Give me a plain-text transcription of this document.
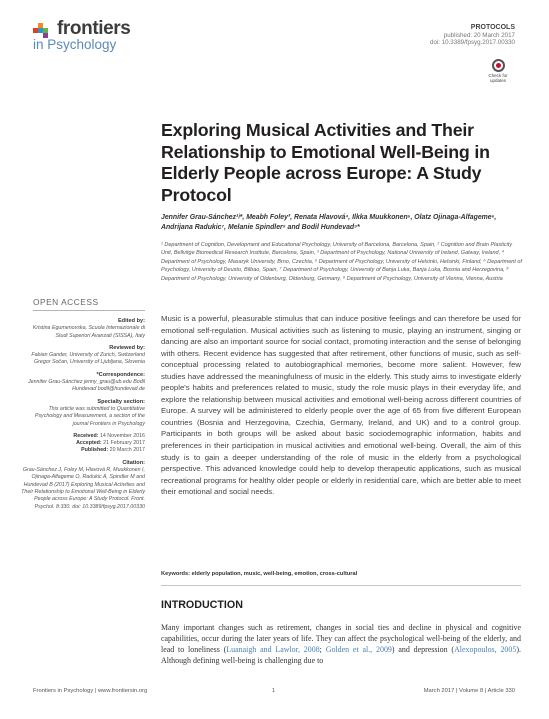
frontiers
in Psychology
PROTOCOLS
published: 20 March 2017
doi: 10.3389/fpsyg.2017.00330
Check for updates
Exploring Musical Activities and Their Relationship to Emotional Well-Being in Elderly People across Europe: A Study Protocol
Jennifer Grau-Sánchez¹ʲ*, Meabh Foley³, Renata Hlavová⁴, Ilkka Muukkonen⁵, Olatz Ojinaga-Alfageme⁶, Andrijana Radukic⁷, Melanie Spindler⁸ and Bodil Hundevad⁹*
¹ Department of Cognition, Development and Educational Psychology, University of Barcelona, Barcelona, Spain, ² Cognition and Brain Plasticity Unit, Bellvitge Biomedical Research Institute, Barcelona, Spain, ³ Department of Psychology, National University of Ireland, Galway, Ireland, ⁴ Department of Psychology, Masaryk University, Brno, Czechia, ⁵ Department of Psychology, University of Helsinki, Helsinki, Finland, ⁶ Department of Psychology, University of Deusto, Bilbao, Spain, ⁷ Department of Psychology, University of Banja Luka, Banja Luka, Bosnia and Herzegovina, ⁸ Department of Psychology, University of Oldenburg, Oldenburg, Germany, ⁹ Department of Psychology, University of Vienna, Vienna, Austria
OPEN ACCESS
Edited by:
Kristina Egumenovska, Scuola Internazionale di Studi Superiori Avanzati (SISSA), Italy
Reviewed by:
Fabian Gander, University of Zurich, Switzerland
Gregor Sočan, University of Ljubljana, Slovenia
*Correspondence:
Jennifer Grau-Sánchez jenny_grau@ub.edu Bodil Hundevad bodil@hundevad.de
Specialty section:
This article was submitted to Quantitative Psychology and Measurement, a section of the journal Frontiers in Psychology
Received: 14 November 2016
Accepted: 21 February 2017
Published: 20 March 2017
Citation:
Grau-Sánchez J, Foley M, Hlavová R, Muukkonen I, Ojinaga-Alfageme O, Radukic A, Spindler M and Hundevad B (2017) Exploring Musical Activities and Their Relationship to Emotional Well-Being in Elderly People across Europe: A Study Protocol. Front. Psychol. 8:330. doi: 10.3389/fpsyg.2017.00330

Music is a powerful, pleasurable stimulus that can induce positive feelings and can therefore be used for emotional self-regulation. Musical activities such as listening to music, playing an instrument, singing or dancing are also an important source for social contact, promoting interaction and the sense of belonging with others. Recent evidence has suggested that after retirement, other functions of music, such as self-conceptual processing related to autobiographical memories, become more salient. However, few studies have addressed the meaningfulness of music in the elderly. This study aims to investigate elderly people's habits and preferences related to music, study the role music plays in their everyday life, and explore the relationship between musical activities and emotional well-being across different countries of Europe. A survey will be administered to elderly people over the age of 65 from five different European countries (Bosnia and Herzegovina, Czechia, Germany, Ireland, and UK) and to a control group. Participants in both groups will be asked about basic sociodemographic information, habits and preferences in their participation in musical activities and emotional well-being. Overall, the aim of this study is to gain a deeper understanding of the role of music in the elderly from a psychological perspective. This advanced knowledge could help to develop therapeutic applications, such as musical recreational programs for healthy older people or elderly in residential care, which are better able to meet their emotional and social needs.

Keywords: elderly population, music, well-being, emotion, cross-cultural
INTRODUCTION

Many important changes such as retirement, changes in social ties and decline in physical and cognitive capabilities, occur during the later years of life. They can affect the psychological well-being of the elderly, and lead to loneliness (Luanaigh and Lawlor, 2008; Golden et al., 2009) and depression (Alexopoulos, 2005). Although defining well-being is challenging due to

Frontiers in Psychology | www.frontiersin.org	1	March 2017 | Volume 8 | Article 330
